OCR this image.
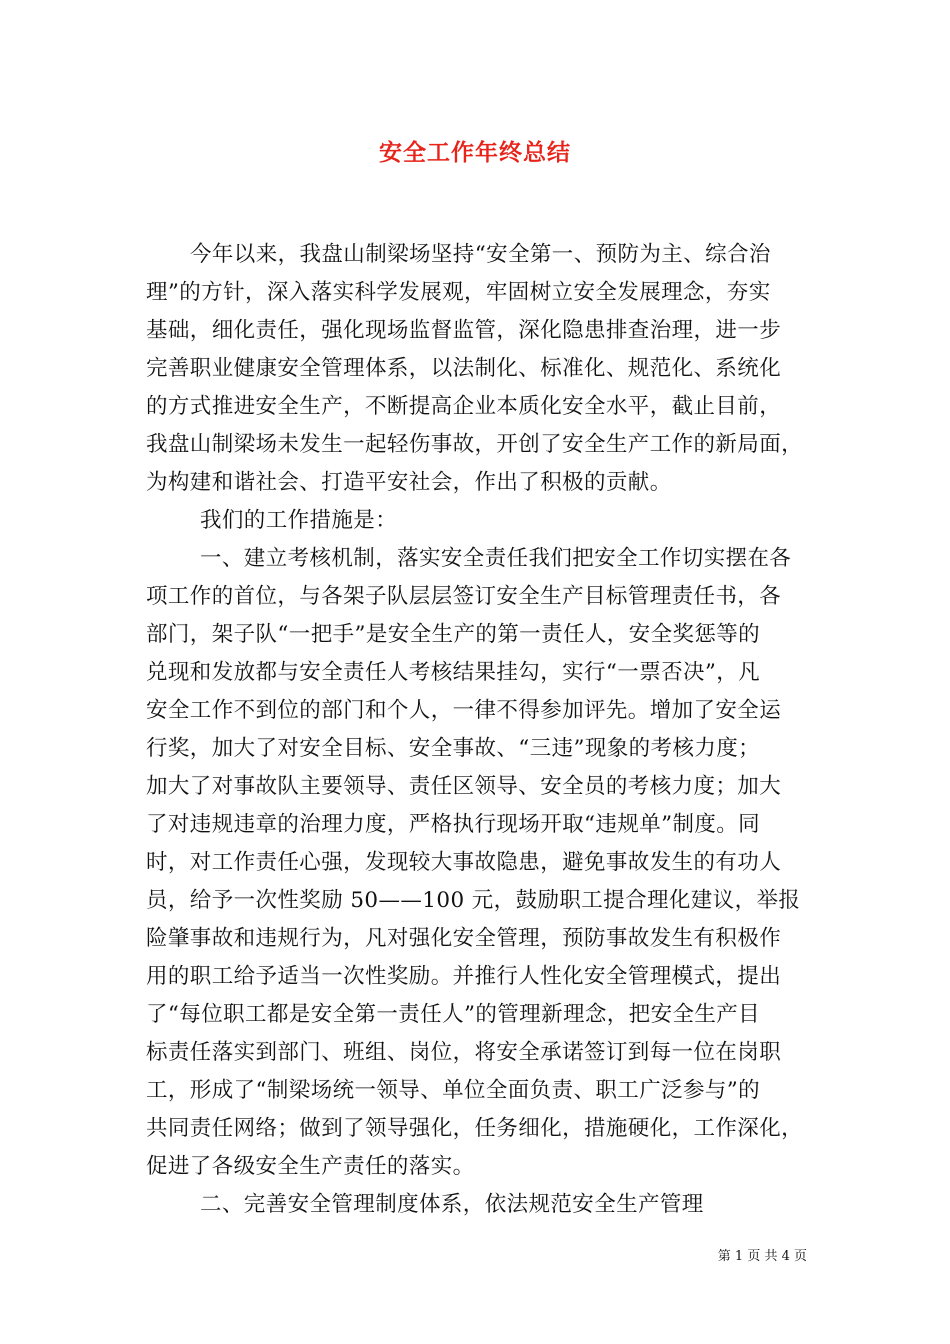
安全工作年终总结
今年以来，我盘山制梁场坚持“安全第一、预防为主、综合治
理”的方针，深入落实科学发展观，牢固树立安全发展理念，夯实
基础，细化责任，强化现场监督监管，深化隐患排查治理，进一步
完善职业健康安全管理体系，以法制化、标准化、规范化、系统化
的方式推进安全生产，不断提高企业本质化安全水平，截止目前，
我盘山制梁场未发生一起轻伤事故，开创了安全生产工作的新局面，
为构建和谐社会、打造平安社会，作出了积极的贡献。
我们的工作措施是：
一、建立考核机制，落实安全责任我们把安全工作切实摆在各
项工作的首位，与各架子队层层签订安全生产目标管理责任书，各
部门，架子队“一把手”是安全生产的第一责任人，安全奖惩等的
兑现和发放都与安全责任人考核结果挂勾，实行“一票否决”，凡
安全工作不到位的部门和个人，一律不得参加评先。增加了安全运
行奖，加大了对安全目标、安全事故、“三违”现象的考核力度；
加大了对事故队主要领导、责任区领导、安全员的考核力度；加大
了对违规违章的治理力度，严格执行现场开取“违规单”制度。同
时，对工作责任心强，发现较大事故隐患，避免事故发生的有功人
员，给予一次性奖励 50——100 元，鼓励职工提合理化建议，举报
险肇事故和违规行为，凡对强化安全管理，预防事故发生有积极作
用的职工给予适当一次性奖励。并推行人性化安全管理模式，提出
了“每位职工都是安全第一责任人”的管理新理念，把安全生产目
标责任落实到部门、班组、岗位，将安全承诺签订到每一位在岗职
工，形成了“制梁场统一领导、单位全面负责、职工广泛参与”的
共同责任网络；做到了领导强化，任务细化，措施硬化，工作深化，
促进了各级安全生产责任的落实。
二、完善安全管理制度体系，依法规范安全生产管理
第 1 页 共 4 页
